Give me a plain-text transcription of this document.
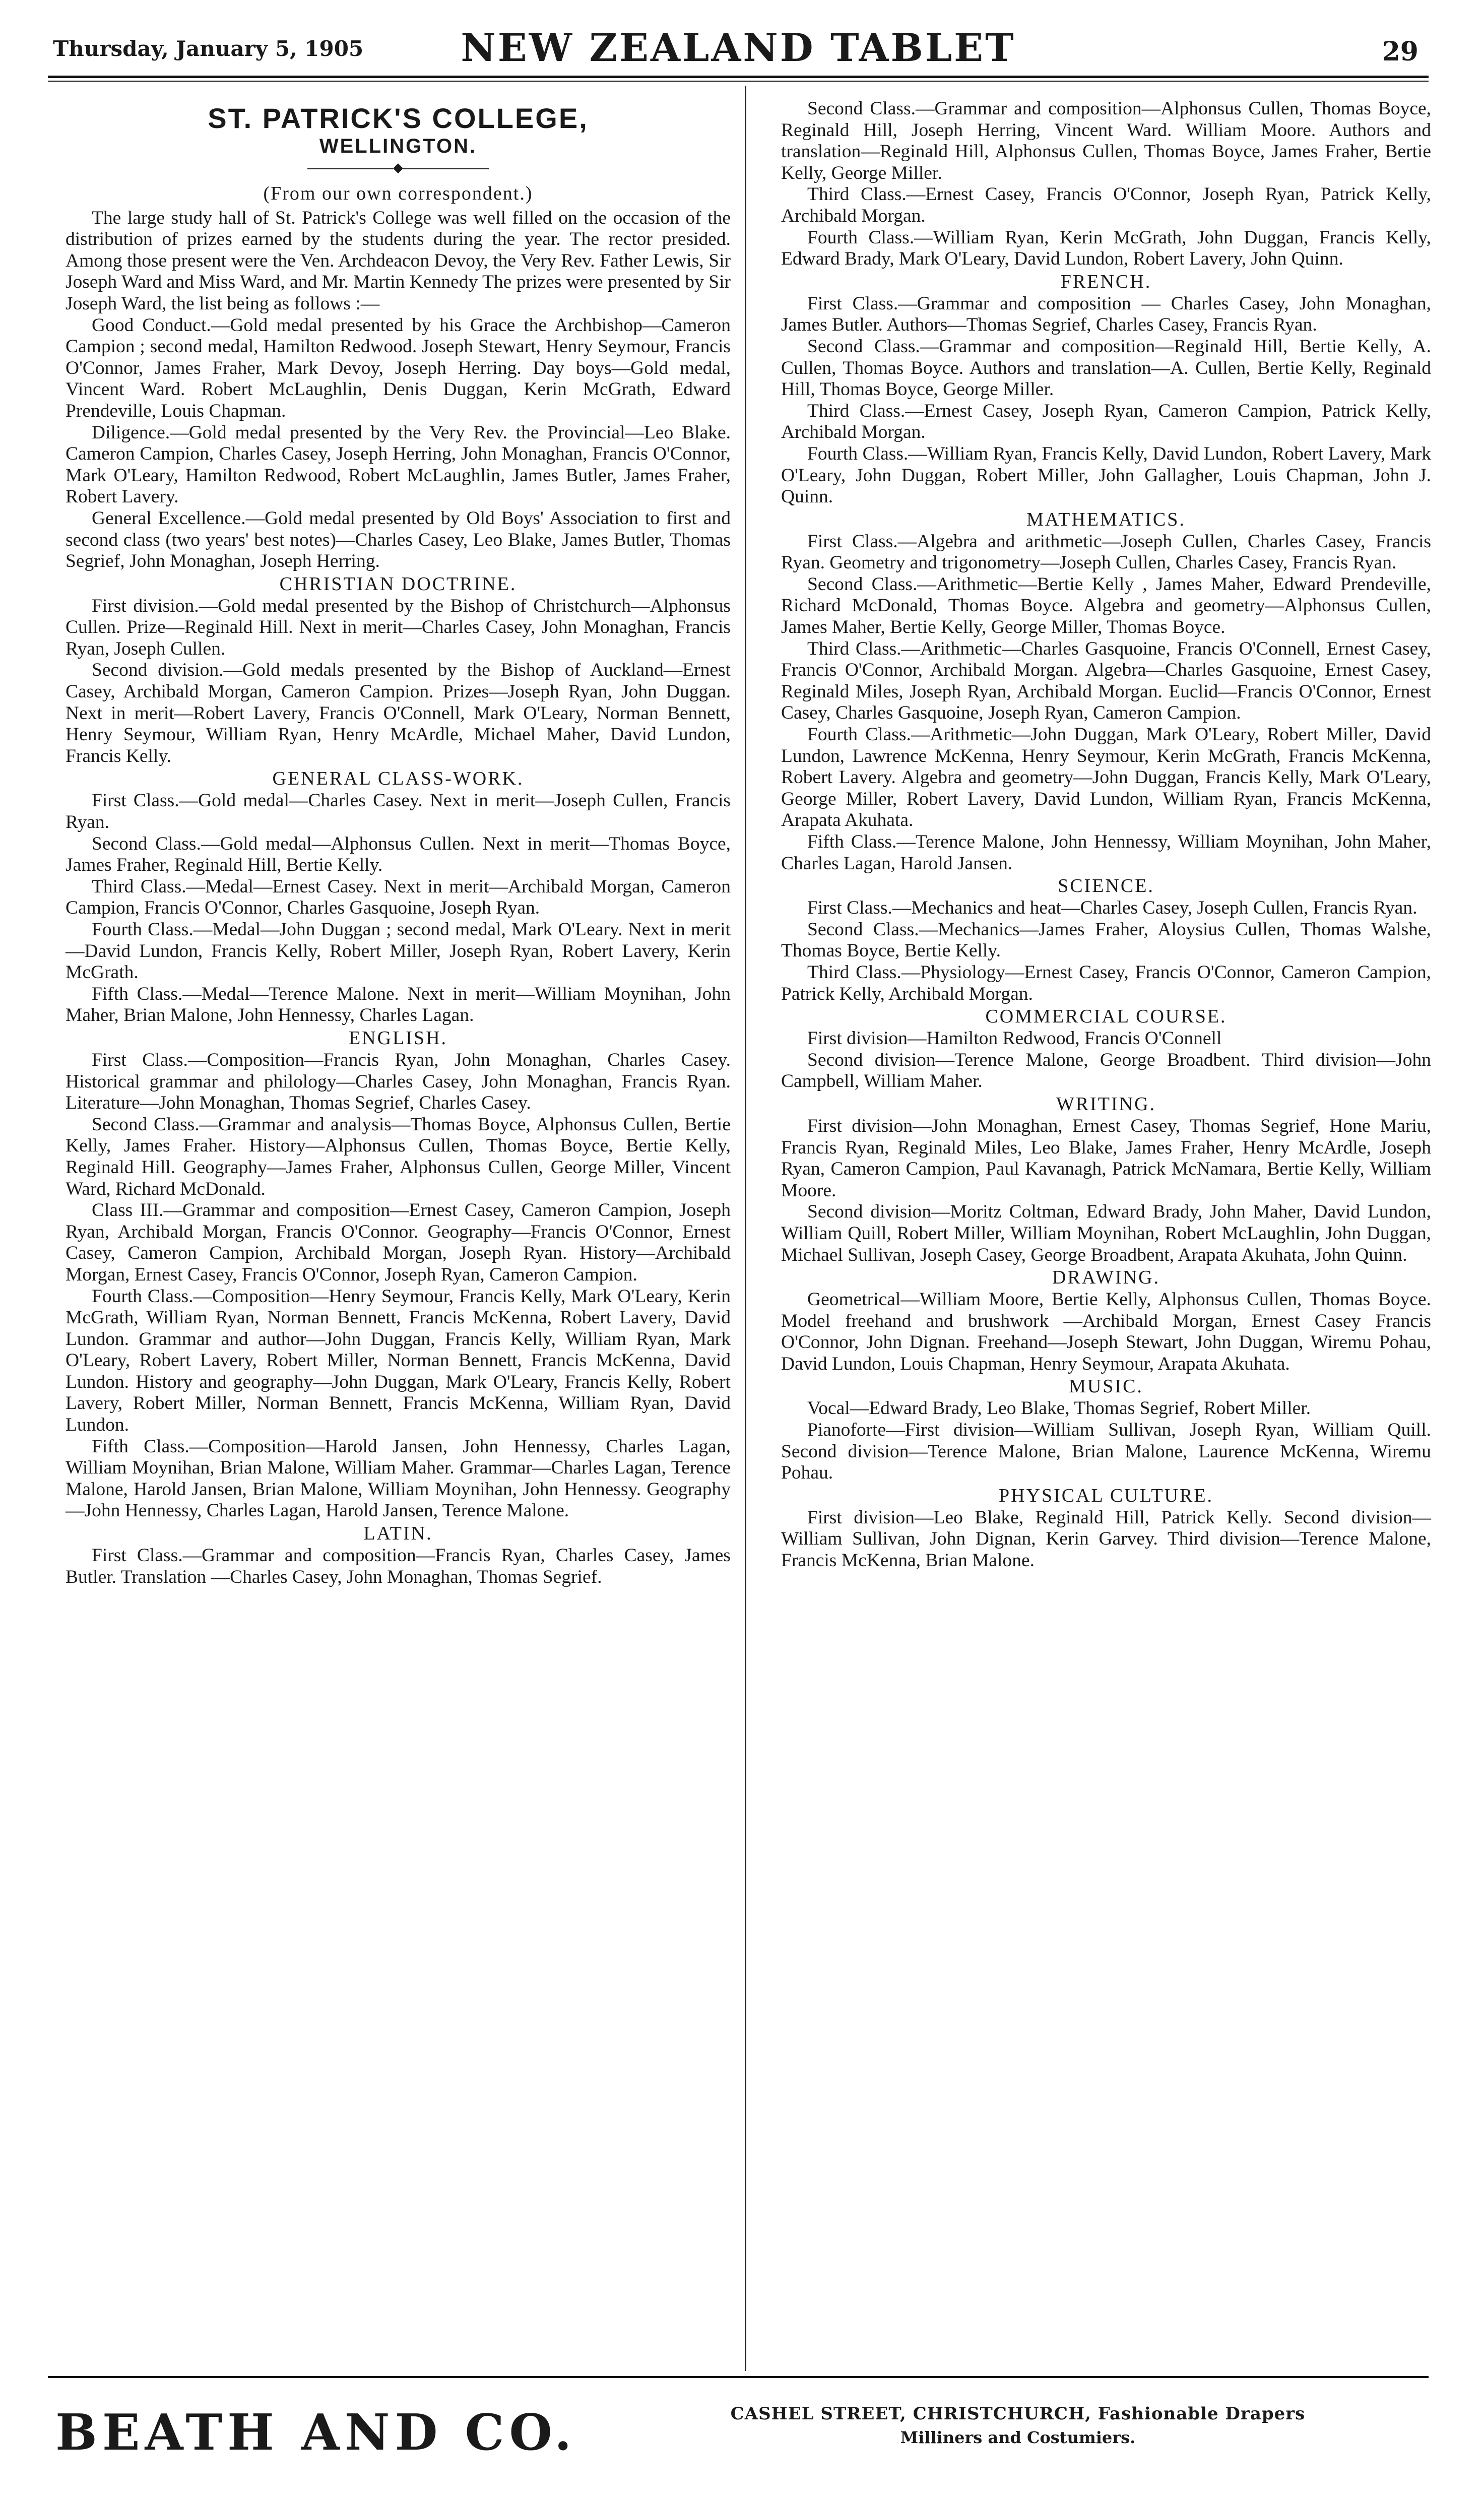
Thursday, January 5, 1905	NEW ZEALAND TABLET	29
ST. PATRICK'S COLLEGE,
WELLINGTON.
◆
(From our own correspondent.)

The large study hall of St. Patrick's College was well filled on the occasion of the distribution of prizes earned by the students during the year. The rector presided. Among those present were the Ven. Archdeacon Devoy, the Very Rev. Father Lewis, Sir Joseph Ward and Miss Ward, and Mr. Martin Kennedy The prizes were presented by Sir Joseph Ward, the list being as follows :—

Good Conduct.—Gold medal presented by his Grace the Archbishop—Cameron Campion ; second medal, Hamilton Redwood. Joseph Stewart, Henry Seymour, Francis O'Connor, James Fraher, Mark Devoy, Joseph Herring. Day boys—Gold medal, Vincent Ward. Robert McLaughlin, Denis Duggan, Kerin McGrath, Edward Prendeville, Louis Chapman.

Diligence.—Gold medal presented by the Very Rev. the Provincial—Leo Blake. Cameron Campion, Charles Casey, Joseph Herring, John Monaghan, Francis O'Connor, Mark O'Leary, Hamilton Redwood, Robert McLaughlin, James Butler, James Fraher, Robert Lavery.

General Excellence.—Gold medal presented by Old Boys' Association to first and second class (two years' best notes)—Charles Casey, Leo Blake, James Butler, Thomas Segrief, John Monaghan, Joseph Herring.

CHRISTIAN DOCTRINE.

First division.—Gold medal presented by the Bishop of Christchurch—Alphonsus Cullen. Prize—Reginald Hill. Next in merit—Charles Casey, John Monaghan, Francis Ryan, Joseph Cullen.

Second division.—Gold medals presented by the Bishop of Auckland—Ernest Casey, Archibald Morgan, Cameron Campion. Prizes—Joseph Ryan, John Duggan. Next in merit—Robert Lavery, Francis O'Connell, Mark O'Leary, Norman Bennett, Henry Seymour, William Ryan, Henry McArdle, Michael Maher, David Lundon, Francis Kelly.

GENERAL CLASS-WORK.

First Class.—Gold medal—Charles Casey. Next in merit—Joseph Cullen, Francis Ryan.

Second Class.—Gold medal—Alphonsus Cullen. Next in merit—Thomas Boyce, James Fraher, Reginald Hill, Bertie Kelly.

Third Class.—Medal—Ernest Casey. Next in merit—Archibald Morgan, Cameron Campion, Francis O'Connor, Charles Gasquoine, Joseph Ryan.

Fourth Class.—Medal—John Duggan ; second medal, Mark O'Leary. Next in merit—David Lundon, Francis Kelly, Robert Miller, Joseph Ryan, Robert Lavery, Kerin McGrath.

Fifth Class.—Medal—Terence Malone. Next in merit—William Moynihan, John Maher, Brian Malone, John Hennessy, Charles Lagan.

ENGLISH.

First Class.—Composition—Francis Ryan, John Monaghan, Charles Casey. Historical grammar and philology—Charles Casey, John Monaghan, Francis Ryan. Literature—John Monaghan, Thomas Segrief, Charles Casey.

Second Class.—Grammar and analysis—Thomas Boyce, Alphonsus Cullen, Bertie Kelly, James Fraher. History—Alphonsus Cullen, Thomas Boyce, Bertie Kelly, Reginald Hill. Geography—James Fraher, Alphonsus Cullen, George Miller, Vincent Ward, Richard McDonald.

Class III.—Grammar and composition—Ernest Casey, Cameron Campion, Joseph Ryan, Archibald Morgan, Francis O'Connor. Geography—Francis O'Connor, Ernest Casey, Cameron Campion, Archibald Morgan, Joseph Ryan. History—Archibald Morgan, Ernest Casey, Francis O'Connor, Joseph Ryan, Cameron Campion.

Fourth Class.—Composition—Henry Seymour, Francis Kelly, Mark O'Leary, Kerin McGrath, William Ryan, Norman Bennett, Francis McKenna, Robert Lavery, David Lundon. Grammar and author—John Duggan, Francis Kelly, William Ryan, Mark O'Leary, Robert Lavery, Robert Miller, Norman Bennett, Francis McKenna, David Lundon. History and geography—John Duggan, Mark O'Leary, Francis Kelly, Robert Lavery, Robert Miller, Norman Bennett, Francis McKenna, William Ryan, David Lundon.

Fifth Class.—Composition—Harold Jansen, John Hennessy, Charles Lagan, William Moynihan, Brian Malone, William Maher. Grammar—Charles Lagan, Terence Malone, Harold Jansen, Brian Malone, William Moynihan, John Hennessy. Geography—John Hennessy, Charles Lagan, Harold Jansen, Terence Malone.

LATIN.

First Class.—Grammar and composition—Francis Ryan, Charles Casey, James Butler. Translation —Charles Casey, John Monaghan, Thomas Segrief.

Second Class.—Grammar and composition—Alphonsus Cullen, Thomas Boyce, Reginald Hill, Joseph Herring, Vincent Ward. William Moore. Authors and translation—Reginald Hill, Alphonsus Cullen, Thomas Boyce, James Fraher, Bertie Kelly, George Miller.

Third Class.—Ernest Casey, Francis O'Connor, Joseph Ryan, Patrick Kelly, Archibald Morgan.

Fourth Class.—William Ryan, Kerin McGrath, John Duggan, Francis Kelly, Edward Brady, Mark O'Leary, David Lundon, Robert Lavery, John Quinn.

FRENCH.

First Class.—Grammar and composition — Charles Casey, John Monaghan, James Butler. Authors—Thomas Segrief, Charles Casey, Francis Ryan.

Second Class.—Grammar and composition—Reginald Hill, Bertie Kelly, A. Cullen, Thomas Boyce. Authors and translation—A. Cullen, Bertie Kelly, Reginald Hill, Thomas Boyce, George Miller.

Third Class.—Ernest Casey, Joseph Ryan, Cameron Campion, Patrick Kelly, Archibald Morgan.

Fourth Class.—William Ryan, Francis Kelly, David Lundon, Robert Lavery, Mark O'Leary, John Duggan, Robert Miller, John Gallagher, Louis Chapman, John J. Quinn.

MATHEMATICS.

First Class.—Algebra and arithmetic—Joseph Cullen, Charles Casey, Francis Ryan. Geometry and trigonometry—Joseph Cullen, Charles Casey, Francis Ryan.

Second Class.—Arithmetic—Bertie Kelly , James Maher, Edward Prendeville, Richard McDonald, Thomas Boyce. Algebra and geometry—Alphonsus Cullen, James Maher, Bertie Kelly, George Miller, Thomas Boyce.

Third Class.—Arithmetic—Charles Gasquoine, Francis O'Connell, Ernest Casey, Francis O'Connor, Archibald Morgan. Algebra—Charles Gasquoine, Ernest Casey, Reginald Miles, Joseph Ryan, Archibald Morgan. Euclid—Francis O'Connor, Ernest Casey, Charles Gasquoine, Joseph Ryan, Cameron Campion.

Fourth Class.—Arithmetic—John Duggan, Mark O'Leary, Robert Miller, David Lundon, Lawrence McKenna, Henry Seymour, Kerin McGrath, Francis McKenna, Robert Lavery. Algebra and geometry—John Duggan, Francis Kelly, Mark O'Leary, George Miller, Robert Lavery, David Lundon, William Ryan, Francis McKenna, Arapata Akuhata.

Fifth Class.—Terence Malone, John Hennessy, William Moynihan, John Maher, Charles Lagan, Harold Jansen.

SCIENCE.

First Class.—Mechanics and heat—Charles Casey, Joseph Cullen, Francis Ryan.

Second Class.—Mechanics—James Fraher, Aloysius Cullen, Thomas Walshe, Thomas Boyce, Bertie Kelly.

Third Class.—Physiology—Ernest Casey, Francis O'Connor, Cameron Campion, Patrick Kelly, Archibald Morgan.

COMMERCIAL COURSE.

First division—Hamilton Redwood, Francis O'Connell

Second division—Terence Malone, George Broadbent. Third division—John Campbell, William Maher.

WRITING.

First division—John Monaghan, Ernest Casey, Thomas Segrief, Hone Mariu, Francis Ryan, Reginald Miles, Leo Blake, James Fraher, Henry McArdle, Joseph Ryan, Cameron Campion, Paul Kavanagh, Patrick McNamara, Bertie Kelly, William Moore.

Second division—Moritz Coltman, Edward Brady, John Maher, David Lundon, William Quill, Robert Miller, William Moynihan, Robert McLaughlin, John Duggan, Michael Sullivan, Joseph Casey, George Broadbent, Arapata Akuhata, John Quinn.

DRAWING.

Geometrical—William Moore, Bertie Kelly, Alphonsus Cullen, Thomas Boyce. Model freehand and brushwork —Archibald Morgan, Ernest Casey Francis O'Connor, John Dignan. Freehand—Joseph Stewart, John Duggan, Wiremu Pohau, David Lundon, Louis Chapman, Henry Seymour, Arapata Akuhata.

MUSIC.

Vocal—Edward Brady, Leo Blake, Thomas Segrief, Robert Miller.

Pianoforte—First division—William Sullivan, Joseph Ryan, William Quill. Second division—Terence Malone, Brian Malone, Laurence McKenna, Wiremu Pohau.

PHYSICAL CULTURE.

First division—Leo Blake, Reginald Hill, Patrick Kelly. Second division—William Sullivan, John Dignan, Kerin Garvey. Third division—Terence Malone, Francis McKenna, Brian Malone.

BEATH AND CO.	CASHEL STREET, CHRISTCHURCH, Fashionable Drapers
Milliners and Costumiers.
